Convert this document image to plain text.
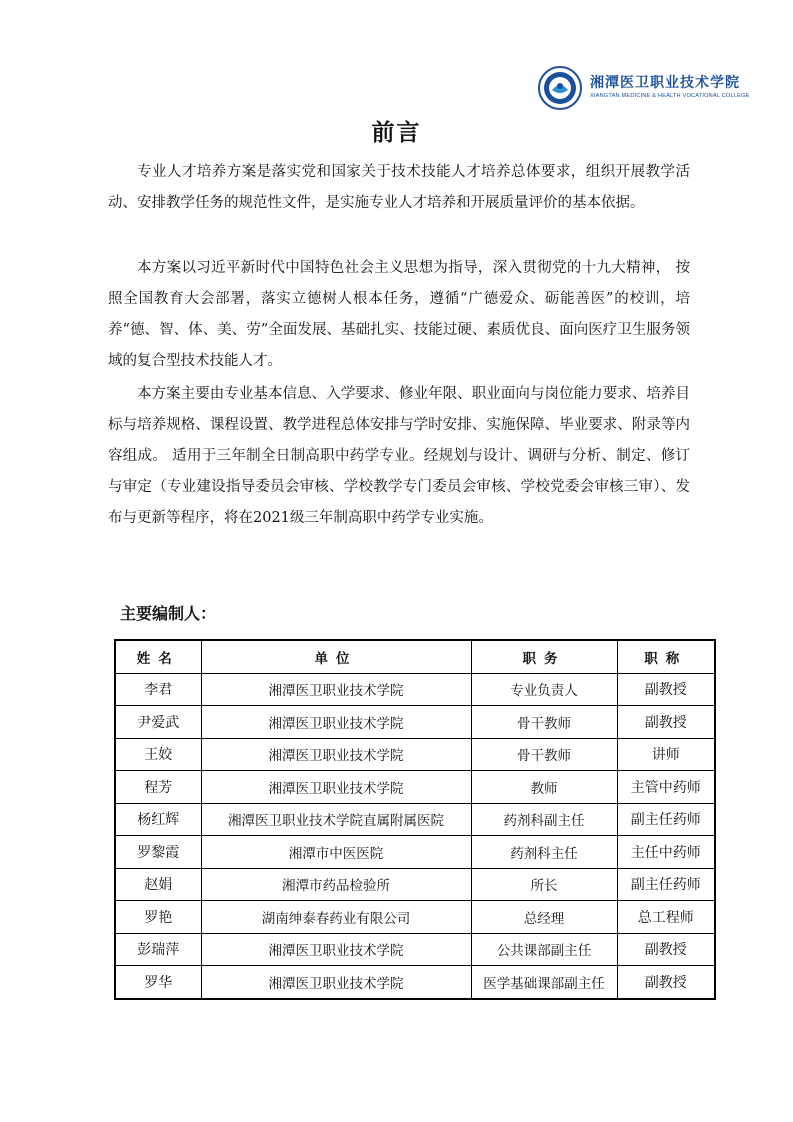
湘潭医卫职业技术学院
XIANGTAN MEDICINE & HEALTH VOCATIONAL COLLEGE
前言
专业人才培养方案是落实党和国家关于技术技能人才培养总体要求，组织开展教学活动、安排教学任务的规范性文件，是实施专业人才培养和开展质量评价的基本依据。
本方案以习近平新时代中国特色社会主义思想为指导，深入贯彻党的十九大精神， 按照全国教育大会部署，落实立德树人根本任务，遵循“广德爱众、砺能善医”的校训，培养“德、智、体、美、劳”全面发展、基础扎实、技能过硬、素质优良、面向医疗卫生服务领域的复合型技术技能人才。
本方案主要由专业基本信息、入学要求、修业年限、职业面向与岗位能力要求、培养目标与培养规格、课程设置、教学进程总体安排与学时安排、实施保障、毕业要求、附录等内容组成。 适用于三年制全日制高职中药学专业。经规划与设计、调研与分析、制定、修订与审定（专业建设指导委员会审核、学校教学专门委员会审核、学校党委会审核三审）、发布与更新等程序，将在2021级三年制高职中药学专业实施。
主要编制人：
姓名	单位	职务	职称
李君	湘潭医卫职业技术学院	专业负责人	副教授
尹爱武	湘潭医卫职业技术学院	骨干教师	副教授
王姣	湘潭医卫职业技术学院	骨干教师	讲师
程芳	湘潭医卫职业技术学院	教师	主管中药师
杨红辉	湘潭医卫职业技术学院直属附属医院	药剂科副主任	副主任药师
罗黎霞	湘潭市中医医院	药剂科主任	主任中药师
赵娟	湘潭市药品检验所	所长	副主任药师
罗艳	湖南绅泰春药业有限公司	总经理	总工程师
彭瑞萍	湘潭医卫职业技术学院	公共课部副主任	副教授
罗华	湘潭医卫职业技术学院	医学基础课部副主任	副教授
